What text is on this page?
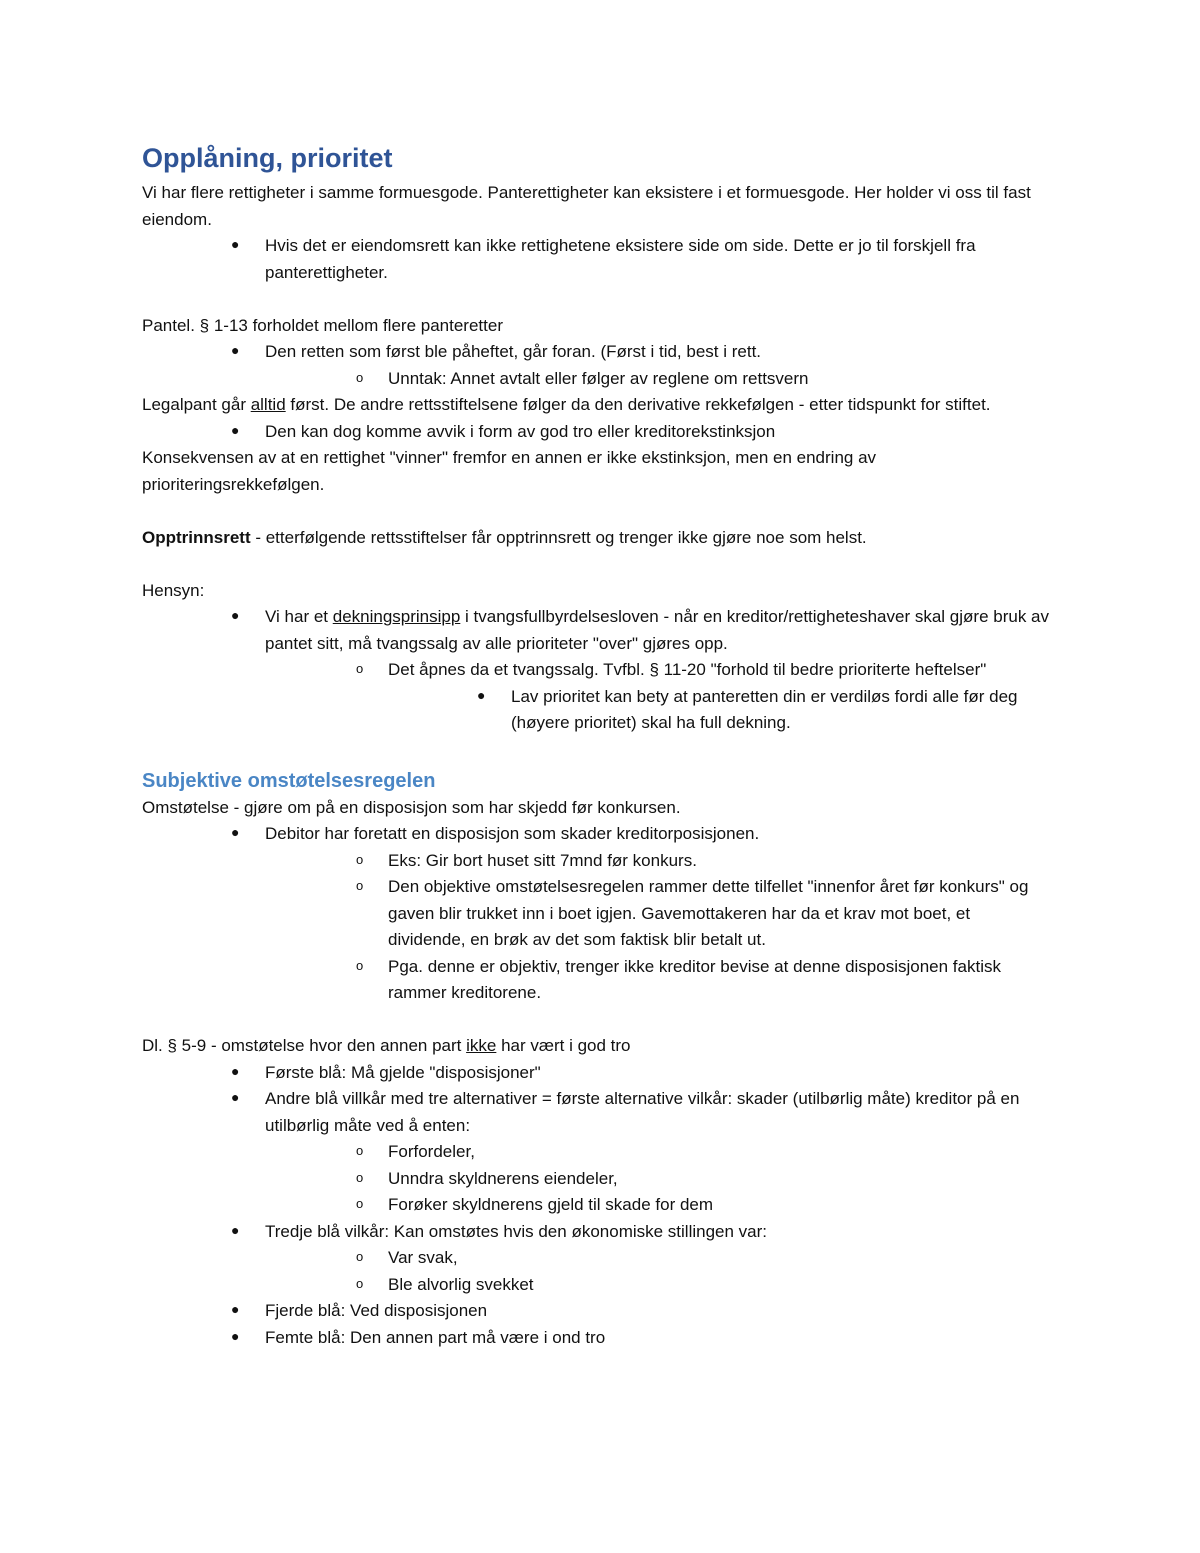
Opplåning, prioritet
Vi har flere rettigheter i samme formuesgode. Panterettigheter kan eksistere i et formuesgode. Her holder vi oss til fast eiendom.
● Hvis det er eiendomsrett kan ikke rettighetene eksistere side om side. Dette er jo til forskjell fra panterettigheter.
Pantel. § 1-13 forholdet mellom flere panteretter
● Den retten som først ble påheftet, går foran. (Først i tid, best i rett.
o Unntak: Annet avtalt eller følger av reglene om rettsvern
Legalpant går alltid først. De andre rettsstiftelsene følger da den derivative rekkefølgen - etter tidspunkt for stiftet.
● Den kan dog komme avvik i form av god tro eller kreditorekstinksjon
Konsekvensen av at en rettighet "vinner" fremfor en annen er ikke ekstinksjon, men en endring av prioriteringsrekkefølgen.
Opptrinnsrett - etterfølgende rettsstiftelser får opptrinnsrett og trenger ikke gjøre noe som helst.
Hensyn:
● Vi har et dekningsprinsipp i tvangsfullbyrdelsesloven - når en kreditor/rettigheteshaver skal gjøre bruk av pantet sitt, må tvangssalg av alle prioriteter "over" gjøres opp.
o Det åpnes da et tvangssalg. Tvfbl. § 11-20 "forhold til bedre prioriterte heftelser"
● Lav prioritet kan bety at panteretten din er verdiløs fordi alle før deg (høyere prioritet) skal ha full dekning.
Subjektive omstøtelsesregelen
Omstøtelse - gjøre om på en disposisjon som har skjedd før konkursen.
● Debitor har foretatt en disposisjon som skader kreditorposisjonen.
o Eks: Gir bort huset sitt 7mnd før konkurs.
o Den objektive omstøtelsesregelen rammer dette tilfellet "innenfor året før konkurs" og gaven blir trukket inn i boet igjen. Gavemottakeren har da et krav mot boet, et dividende, en brøk av det som faktisk blir betalt ut.
o Pga. denne er objektiv, trenger ikke kreditor bevise at denne disposisjonen faktisk rammer kreditorene.
Dl. § 5-9 - omstøtelse hvor den annen part ikke har vært i god tro
● Første blå: Må gjelde "disposisjoner"
● Andre blå villkår med tre alternativer = første alternative vilkår: skader (utilbørlig måte) kreditor på en utilbørlig måte ved å enten:
o Forfordeler,
o Unndra skyldnerens eiendeler,
o Forøker skyldnerens gjeld til skade for dem
● Tredje blå vilkår: Kan omstøtes hvis den økonomiske stillingen var:
o Var svak,
o Ble alvorlig svekket
● Fjerde blå: Ved disposisjonen
● Femte blå: Den annen part må være i ond tro
